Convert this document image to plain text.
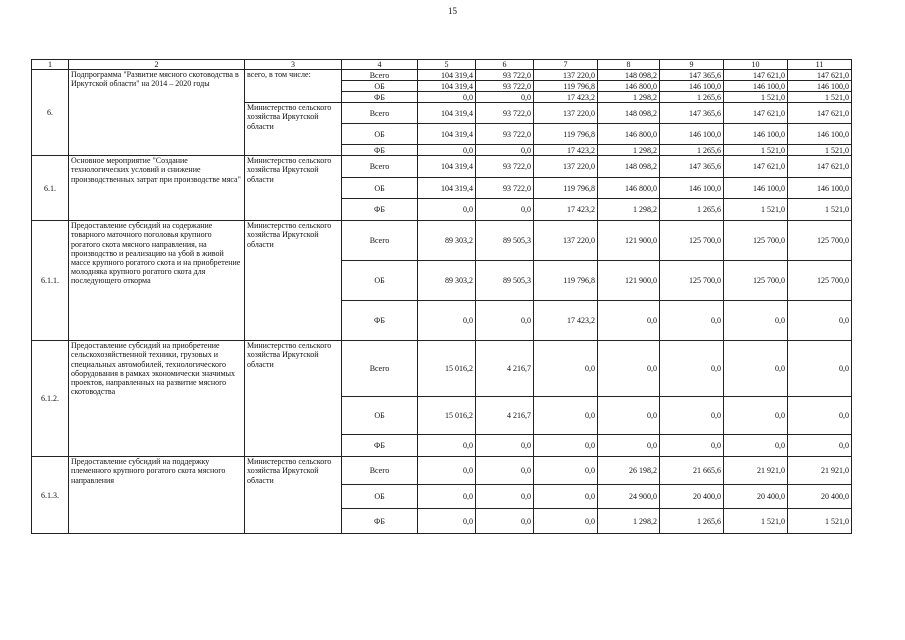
15
1	2	3	4	5	6	7	8	9	10	11
6.	Подпрограмма "Развитие мясного скотоводства в Иркутской области" на 2014 – 2020 годы	всего, в том числе:	Всего	104 319,4	93 722,0	137 220,0	148 098,2	147 365,6	147 621,0	147 621,0
			ОБ	104 319,4	93 722,0	119 796,8	146 800,0	146 100,0	146 100,0	146 100,0
			ФБ	0,0	0,0	17 423,2	1 298,2	1 265,6	1 521,0	1 521,0
		Министерство сельского хозяйства Иркутской области	Всего	104 319,4	93 722,0	137 220,0	148 098,2	147 365,6	147 621,0	147 621,0
			ОБ	104 319,4	93 722,0	119 796,8	146 800,0	146 100,0	146 100,0	146 100,0
			ФБ	0,0	0,0	17 423,2	1 298,2	1 265,6	1 521,0	1 521,0
6.1.	Основное мероприятие "Создание технологических условий и снижение производственных затрат при производстве мяса"	Министерство сельского хозяйства Иркутской области	Всего	104 319,4	93 722,0	137 220,0	148 098,2	147 365,6	147 621,0	147 621,0
			ОБ	104 319,4	93 722,0	119 796,8	146 800,0	146 100,0	146 100,0	146 100,0
			ФБ	0,0	0,0	17 423,2	1 298,2	1 265,6	1 521,0	1 521,0
6.1.1.	Предоставление субсидий на содержание товарного маточного поголовья крупного рогатого скота мясного направления, на производство и реализацию на убой в живой массе крупного рогатого скота и на приобретение молодняка крупного рогатого скота для последующего откорма	Министерство сельского хозяйства Иркутской области	Всего	89 303,2	89 505,3	137 220,0	121 900,0	125 700,0	125 700,0	125 700,0
			ОБ	89 303,2	89 505,3	119 796,8	121 900,0	125 700,0	125 700,0	125 700,0
			ФБ	0,0	0,0	17 423,2	0,0	0,0	0,0	0,0
6.1.2.	Предоставление субсидий на приобретение сельскохозяйственной техники, грузовых и специальных автомобилей, технологического оборудования в рамках экономически значимых проектов, направленных на развитие мясного скотоводства	Министерство сельского хозяйства Иркутской области	Всего	15 016,2	4 216,7	0,0	0,0	0,0	0,0	0,0
			ОБ	15 016,2	4 216,7	0,0	0,0	0,0	0,0	0,0
			ФБ	0,0	0,0	0,0	0,0	0,0	0,0	0,0
6.1.3.	Предоставление субсидий на поддержку племенного крупного рогатого скота мясного направления	Министерство сельского хозяйства Иркутской области	Всего	0,0	0,0	0,0	26 198,2	21 665,6	21 921,0	21 921,0
			ОБ	0,0	0,0	0,0	24 900,0	20 400,0	20 400,0	20 400,0
			ФБ	0,0	0,0	0,0	1 298,2	1 265,6	1 521,0	1 521,0
